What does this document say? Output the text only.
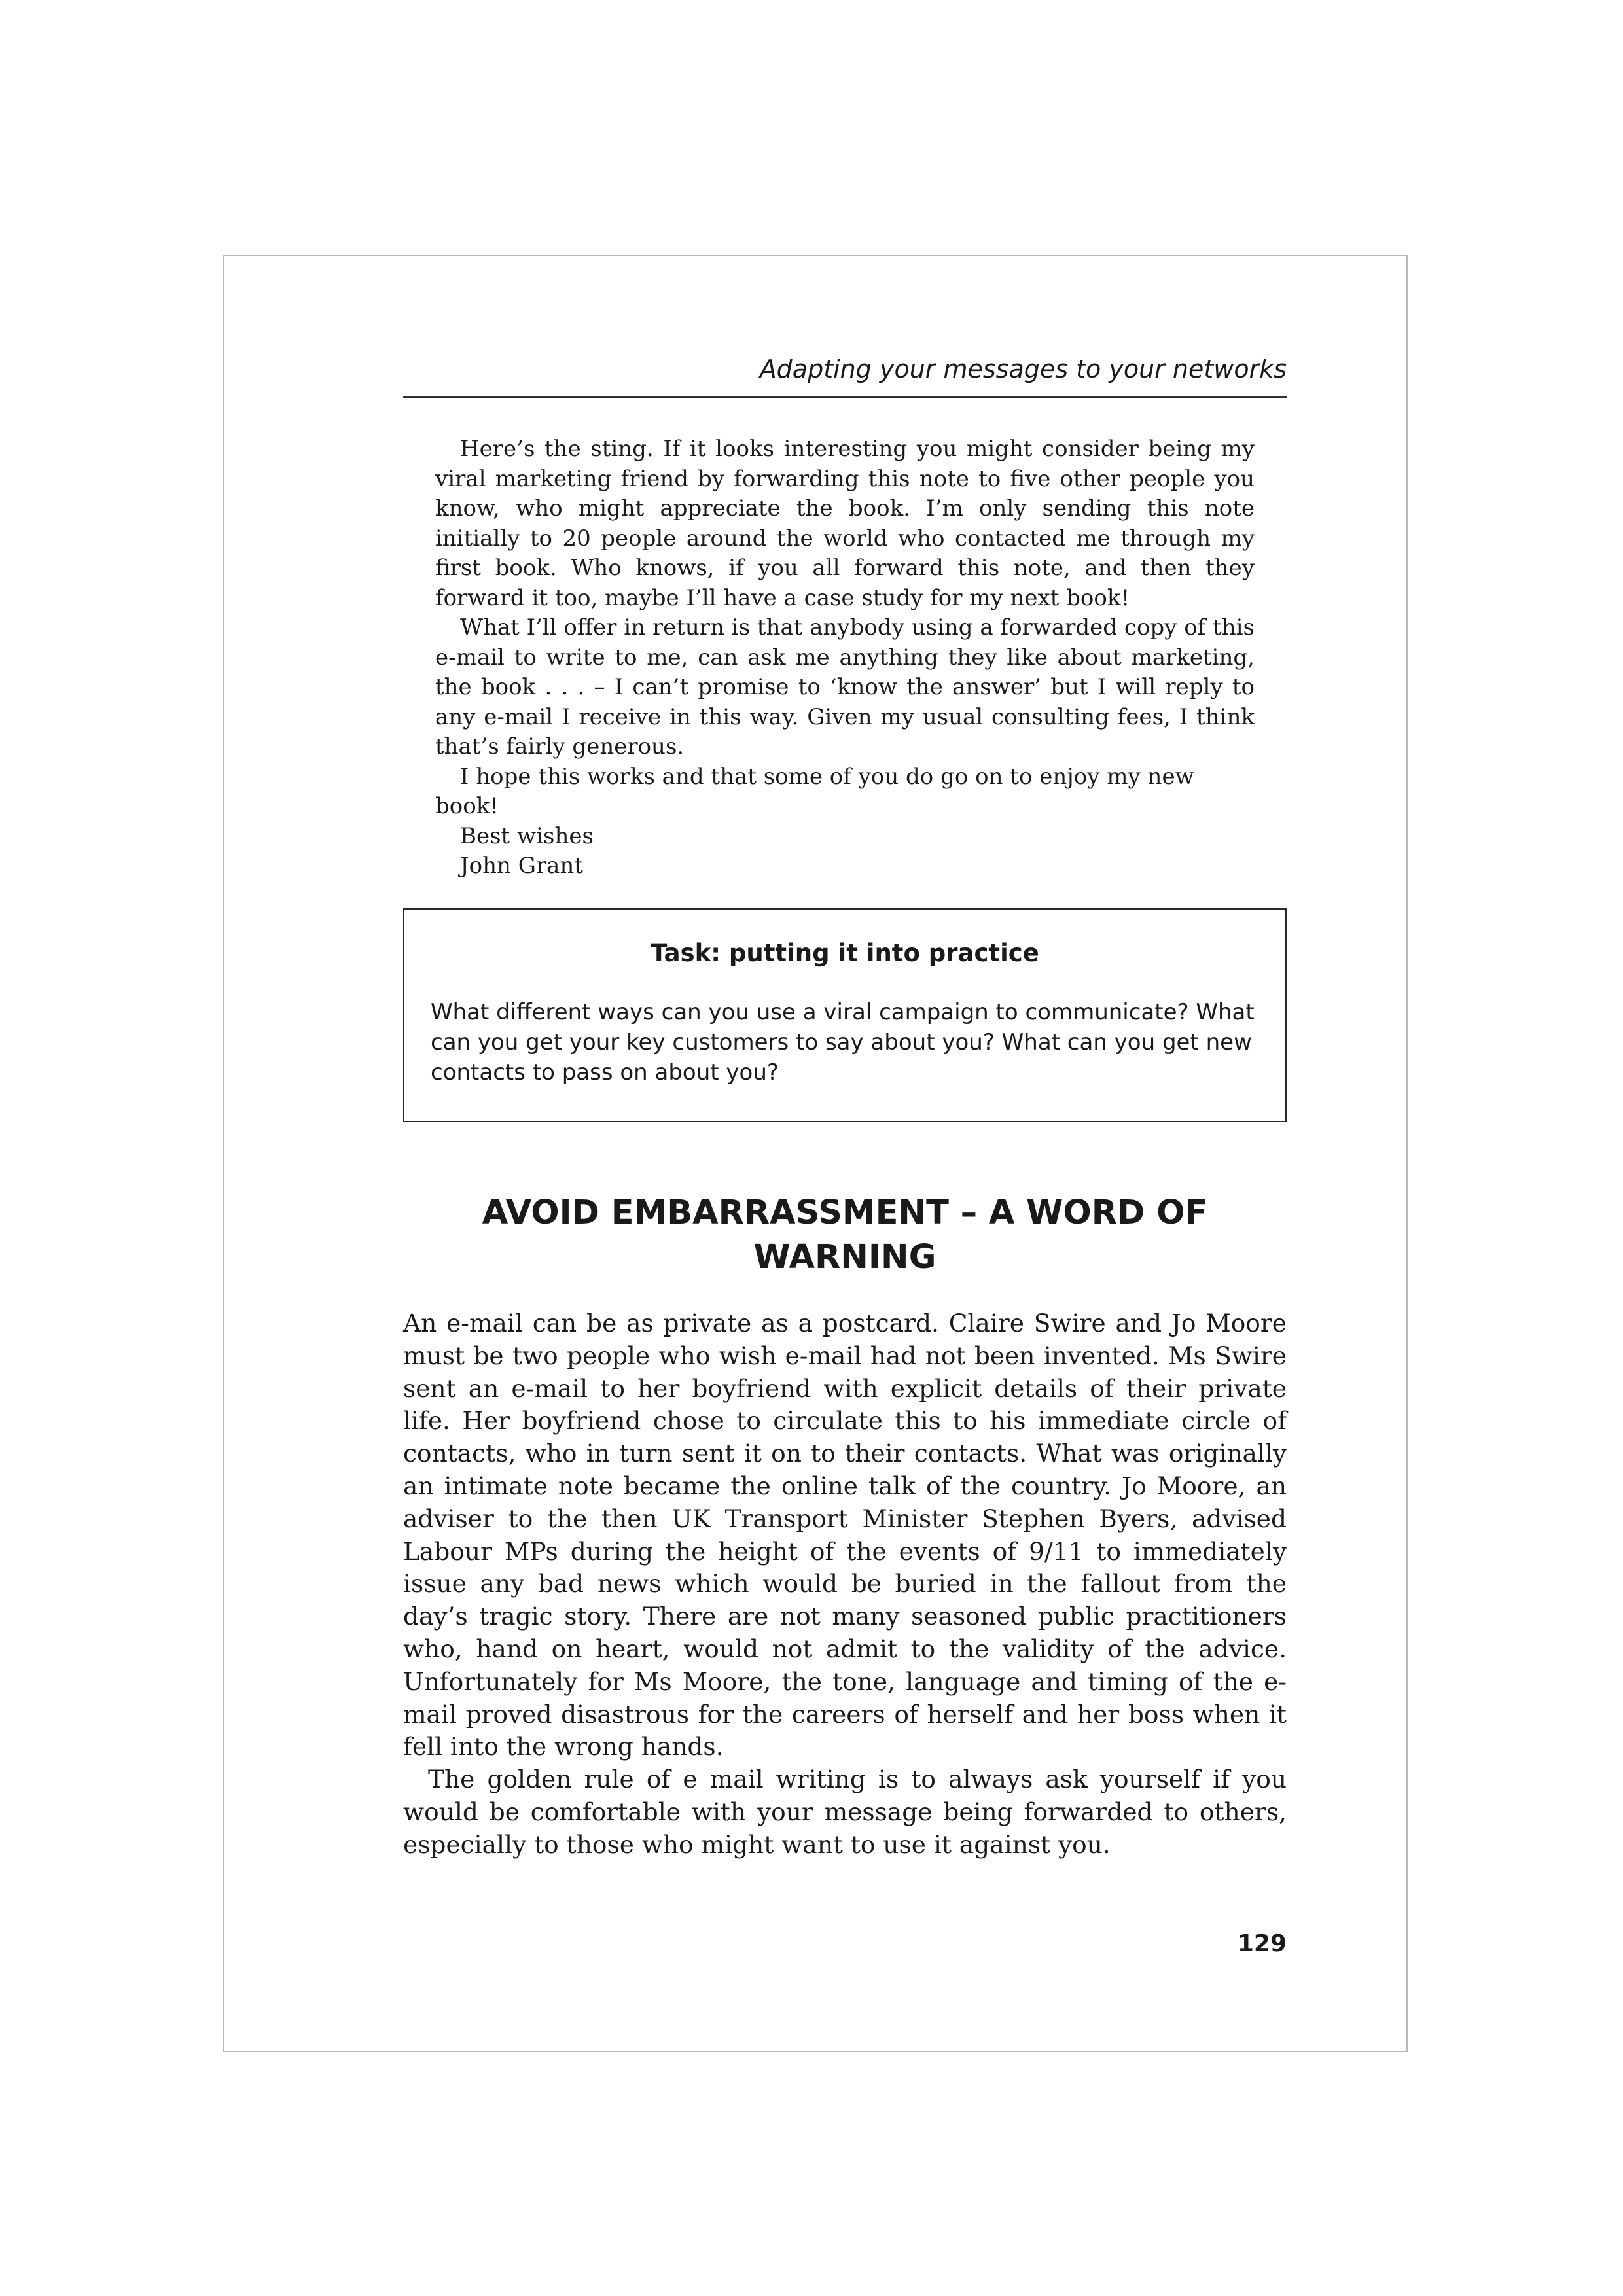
Adapting your messages to your networks

Here’s the sting. If it looks interesting you might consider being my viral marketing friend by forwarding this note to five other people you know, who might appreciate the book. I’m only sending this note initially to 20 people around the world who contacted me through my first book. Who knows, if you all forward this note, and then they forward it too, maybe I’ll have a case study for my next book!

What I’ll offer in return is that anybody using a forwarded copy of this e-mail to write to me, can ask me anything they like about marketing, the book . . . – I can’t promise to ‘know the answer’ but I will reply to any e-mail I receive in this way. Given my usual consulting fees, I think that’s fairly generous.

I hope this works and that some of you do go on to enjoy my new book!

Best wishes

John Grant

Task: putting it into practice

What different ways can you use a viral campaign to communicate? What can you get your key customers to say about you? What can you get new contacts to pass on about you?

AVOID EMBARRASSMENT – A WORD OF
WARNING

An e-mail can be as private as a postcard. Claire Swire and Jo Moore must be two people who wish e-mail had not been invented. Ms Swire sent an e-mail to her boyfriend with explicit details of their private life. Her boyfriend chose to circulate this to his immediate circle of contacts, who in turn sent it on to their contacts. What was originally an intimate note became the online talk of the country. Jo Moore, an adviser to the then UK Transport Minister Stephen Byers, advised Labour MPs during the height of the events of 9/11 to immediately issue any bad news which would be buried in the fallout from the day’s tragic story. There are not many seasoned public practitioners who, hand on heart, would not admit to the validity of the advice. Unfortunately for Ms Moore, the tone, language and timing of the e-mail proved disastrous for the careers of herself and her boss when it fell into the wrong hands.

The golden rule of e mail writing is to always ask yourself if you would be comfortable with your message being forwarded to others, especially to those who might want to use it against you.

129
